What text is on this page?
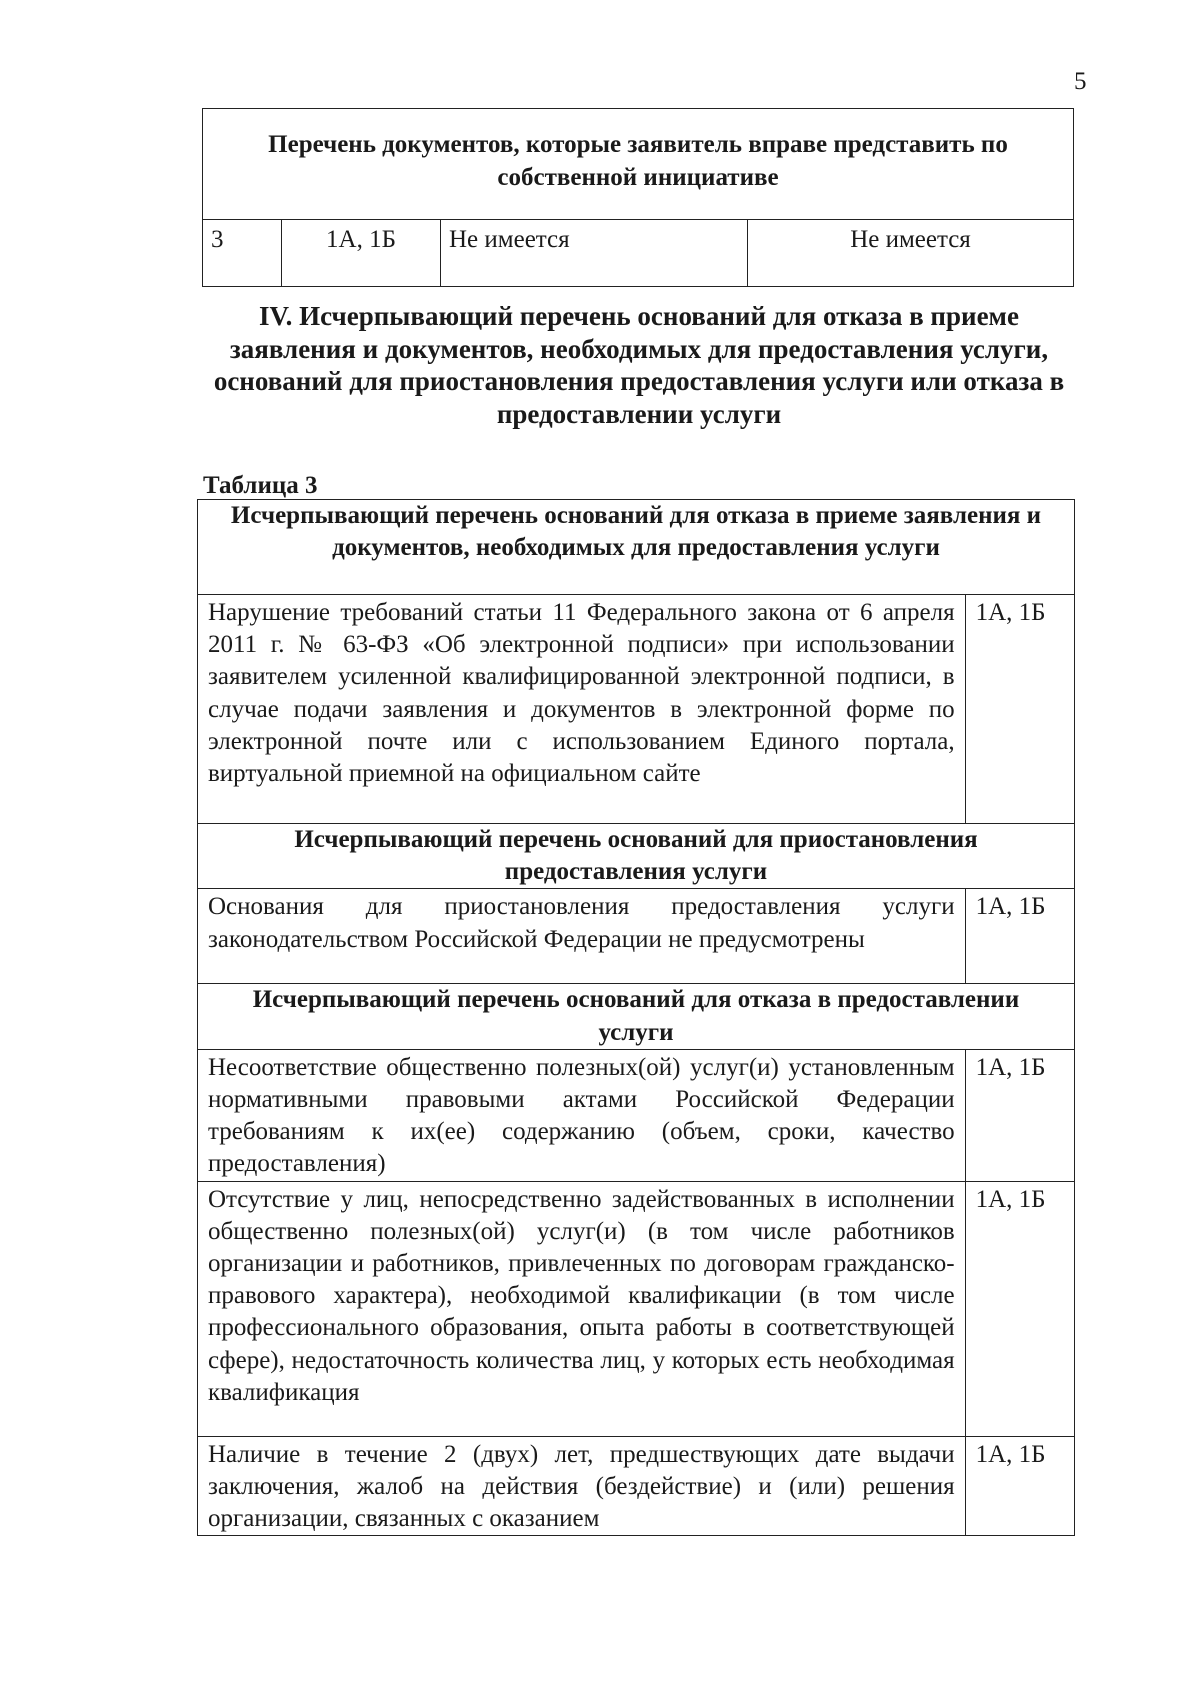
5
Перечень документов, которые заявитель вправе представить по собственной инициативе
3	1А, 1Б	Не имеется	Не имеется
IV. Исчерпывающий перечень оснований для отказа в приеме заявления и документов, необходимых для предоставления услуги, оснований для приостановления предоставления услуги или отказа в предоставлении услуги
Таблица 3
Исчерпывающий перечень оснований для отказа в приеме заявления и документов, необходимых для предоставления услуги	
Нарушение требований статьи 11 Федерального закона от 6 апреля 2011 г. № 63-ФЗ «Об электронной подписи» при использовании заявителем усиленной квалифицированной электронной подписи, в случае подачи заявления и документов в электронной форме по электронной почте или с использованием Единого портала, виртуальной приемной на официальном сайте	1А, 1Б
Исчерпывающий перечень оснований для приостановления предоставления услуги	
Основания для приостановления предоставления услуги законодательством Российской Федерации не предусмотрены	1А, 1Б
Исчерпывающий перечень оснований для отказа в предоставлении услуги	
Несоответствие общественно полезных(ой) услуг(и) установленным нормативными правовыми актами Российской Федерации требованиям к их(ее) содержанию (объем, сроки, качество предоставления)	1А, 1Б
Отсутствие у лиц, непосредственно задействованных в исполнении общественно полезных(ой) услуг(и) (в том числе работников организации и работников, привлеченных по договорам гражданско-правового характера), необходимой квалификации (в том числе профессионального образования, опыта работы в соответствующей сфере), недостаточность количества лиц, у которых есть необходимая квалификация	1А, 1Б
Наличие в течение 2 (двух) лет, предшествующих дате выдачи заключения, жалоб на действия (бездействие) и (или) решения организации, связанных с оказанием	1А, 1Б
